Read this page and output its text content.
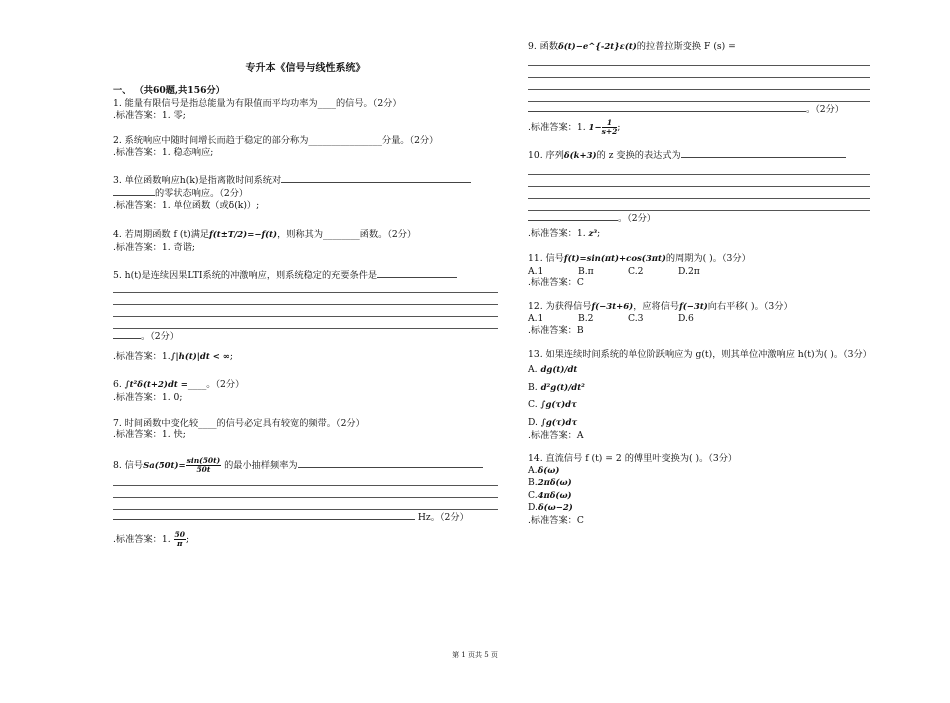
专升本《信号与线性系统》
一、 （共60题,共156分）
1. 能量有限信号是指总能量为有限值而平均功率为____的信号。（2分）
.标准答案：1. 零;
2. 系统响应中随时间增长而趋于稳定的部分称为________________分量。（2分）
.标准答案：1. 稳态响应;
3. 单位函数响应h(k)是指离散时间系统对
的零状态响应。（2分）
.标准答案：1. 单位函数（或δ(k)）;
4. 若周期函数 f (t)满足f(t±T/2)=−f(t)，则称其为________函数。（2分）
.标准答案：1. 奇谐;
5. h(t)是连续因果LTI系统的冲激响应，则系统稳定的充要条件是
。（2分）
.标准答案：1.∫|h(t)|dt < ∞;
6. ∫t²δ(t+2)dt =____。（2分）
.标准答案：1. 0;
7. 时间函数中变化较____的信号必定具有较宽的频带。（2分）
.标准答案：1. 快;
8. 信号$Sa(50t)= \frac{\sin(50t)}{50t}$ 的最小抽样频率为
Hz。（2分）
.标准答案：1. $\frac{50}{\pi}$ ;
9. 函数δ(t)−e^{-2t}ε(t)的拉普拉斯变换 F (s) =
。（2分）
.标准答案：1. $1- \frac{1}{s+2}$ ;
10. 序列δ(k+3)的 z 变换的表达式为
。（2分）
.标准答案：1. z³;
11. 信号f(t)=sin(πt)+cos(3πt)的周期为( )。（3分）
A.1	B.π	C.2	D.2π
.标准答案：C
12. 为获得信号f(−3t+6)，应将信号f(−3t)向右平移( )。（3分）
A.1	B.2	C.3	D.6
.标准答案：B
13. 如果连续时间系统的单位阶跃响应为 g(t)，则其单位冲激响应 h(t)为( )。（3分）
A. dg(t)/dt
B. d²g(t)/dt²
C. ∫g(τ)dτ
D. ∫g(τ)dτ
.标准答案：A
14. 直流信号 f (t) = 2 的傅里叶变换为( )。（3分）
A.δ(ω)
B.2πδ(ω)
C.4πδ(ω)
D.δ(ω−2)
.标准答案：C
第 1 页共 5 页
